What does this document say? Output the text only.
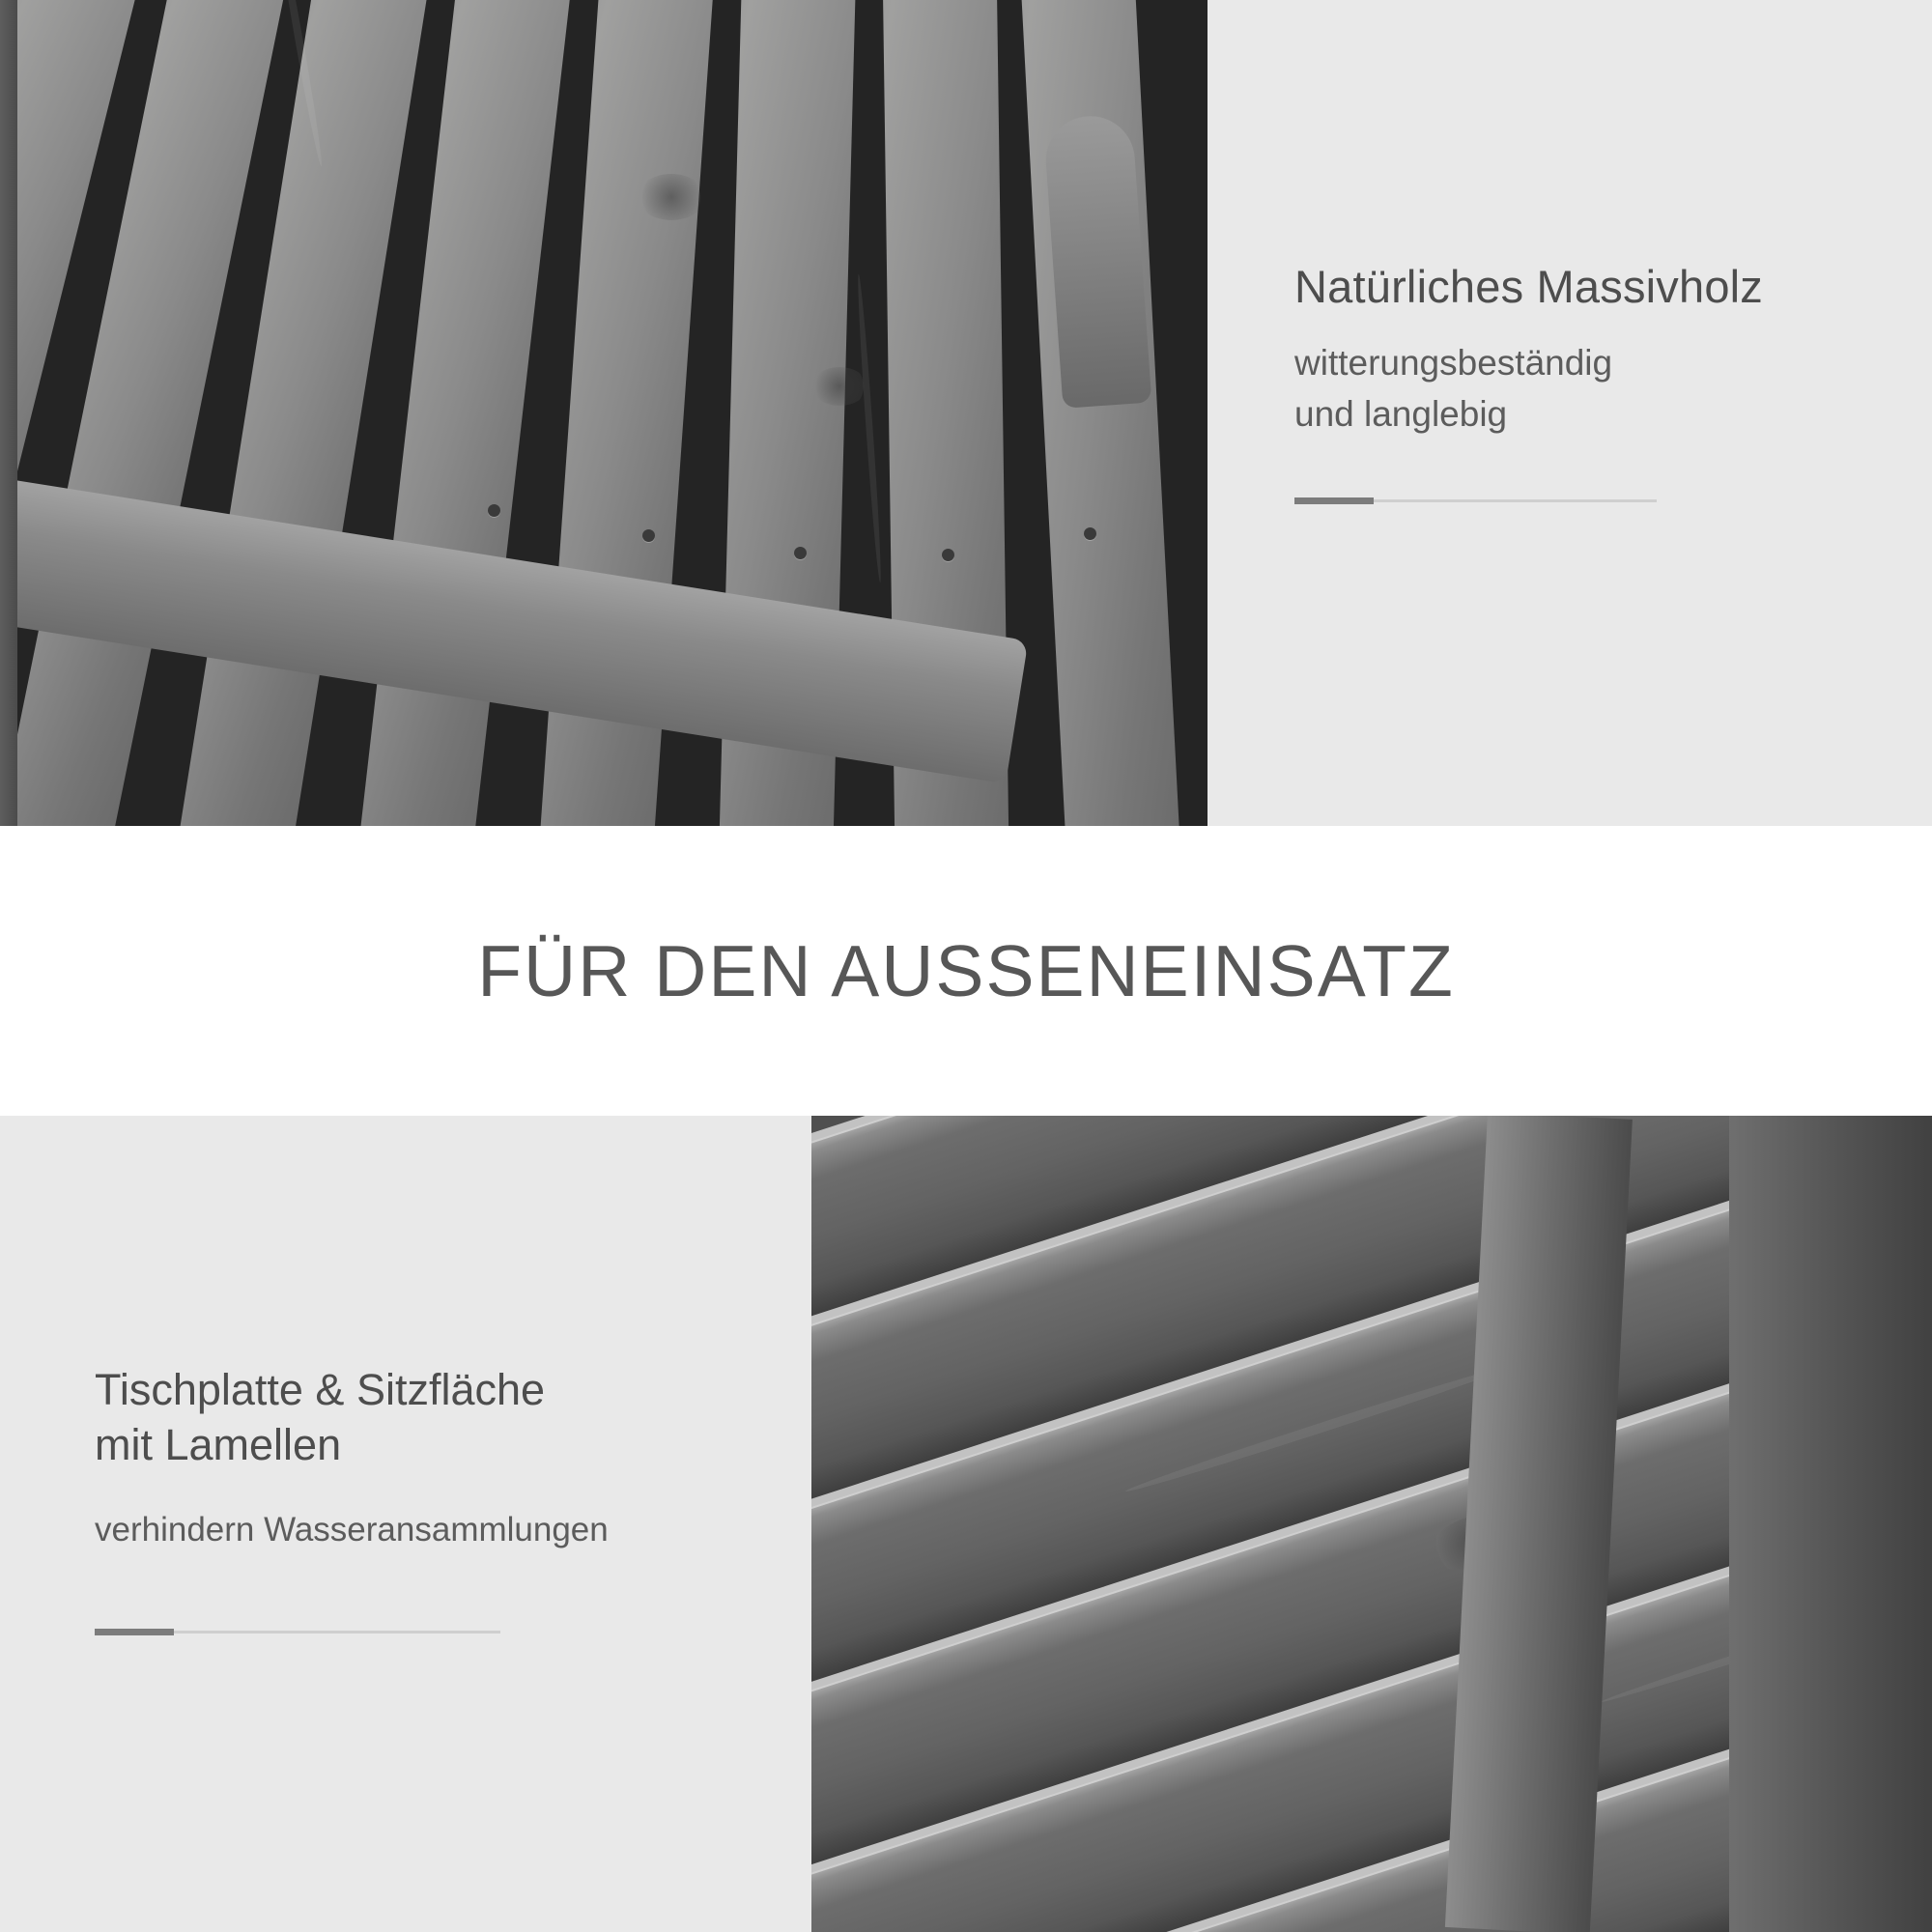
Natürliches Massivholz
witterungsbeständig
und langlebig
FÜR DEN AUSSENEINSATZ
Tischplatte & Sitzfläche
mit Lamellen
verhindern Wasseransammlungen
